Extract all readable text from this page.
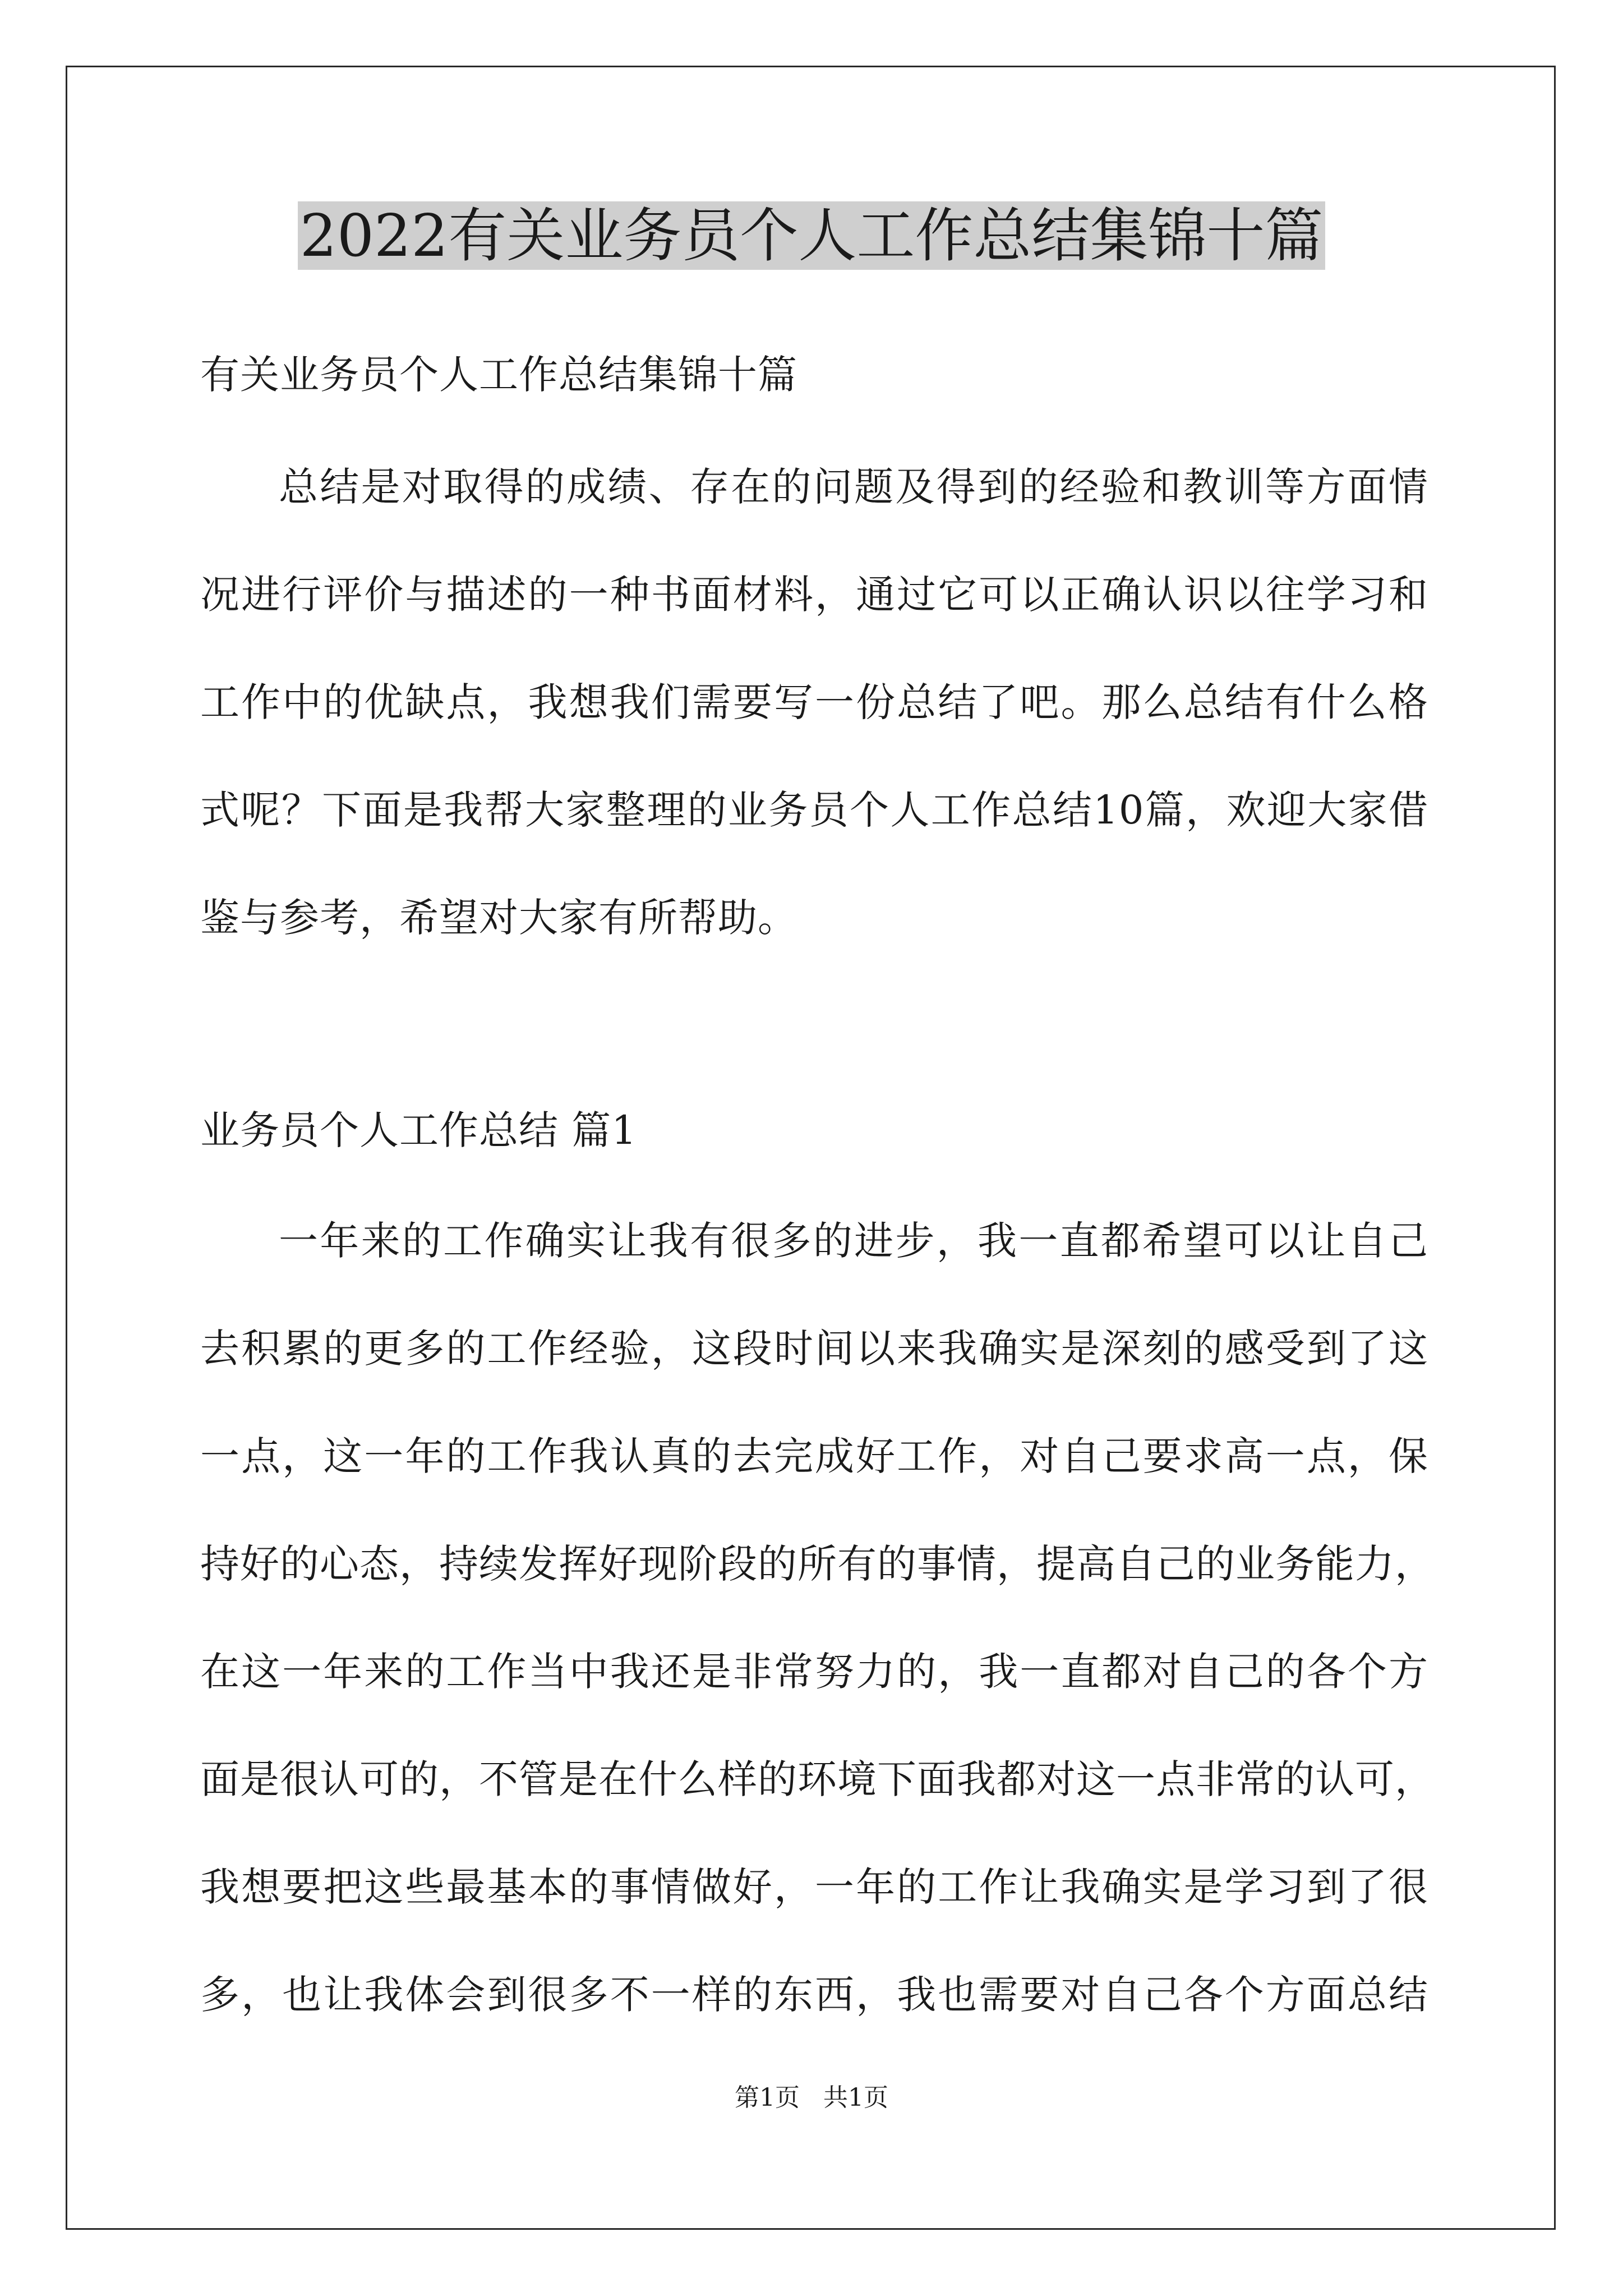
2022有关业务员个人工作总结集锦十篇

有关业务员个人工作总结集锦十篇

总结是对取得的成绩、存在的问题及得到的经验和教训等方面情

况进行评价与描述的一种书面材料，通过它可以正确认识以往学习和

工作中的优缺点，我想我们需要写一份总结了吧。那么总结有什么格

式呢？下面是我帮大家整理的业务员个人工作总结10篇，欢迎大家借

鉴与参考，希望对大家有所帮助。

业务员个人工作总结 篇1

一年来的工作确实让我有很多的进步，我一直都希望可以让自己

去积累的更多的工作经验，这段时间以来我确实是深刻的感受到了这

一点，这一年的工作我认真的去完成好工作，对自己要求高一点，保

持好的心态，持续发挥好现阶段的所有的事情，提高自己的业务能力，

在这一年来的工作当中我还是非常努力的，我一直都对自己的各个方

面是很认可的，不管是在什么样的环境下面我都对这一点非常的认可，

我想要把这些最基本的事情做好，一年的工作让我确实是学习到了很

多，也让我体会到很多不一样的东西，我也需要对自己各个方面总结

第1页   共1页
